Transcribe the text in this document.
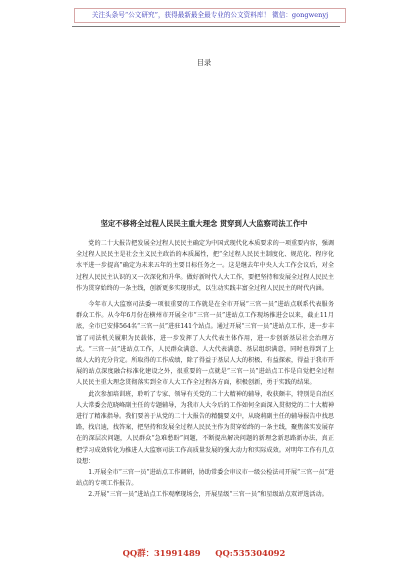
关注头条号“公文研究”，获得最新最全最专业的公文资料库！ 微信：gongwenyj
目录
坚定不移将全过程人民民主重大理念 贯穿到人大监察司法工作中

党的二十大报告把发展全过程人民民主确定为中国式现代化本质要求的一项重要内容，强调全过程人民民主是社会主义民主政治的本质属性，把“全过程人民民主制度化、规范化、程序化水平进一步提高”确定为未来五年的主要目标任务之一。这是继去年中央人大工作会议后，对全过程人民民主认识的又一次深化和升华。做好新时代人大工作，要把坚持和发展全过程人民民主作为贯穿始终的一条主线，创新更多实现形式，以生动实践丰富全过程人民民主的时代内涵。

今年市人大监察司法委一项很重要的工作就是在全市开展“三官一员”进站点联系代表服务群众工作。从今年6月份在横州市开展全市“三官一员”进站点工作现场推进会以来，截止11月底，全市已安排564名“三官一员”进驻141个站点。通过开展“三官一员”进站点工作，进一步丰富了司法机关履职为民载体，进一步发挥了人大代表主体作用，进一步创新基层社会治理方式。“三官一员”进站点工作，人民群众满意、人大代表满意、基层组织满意，同时也得到了上级人大的充分肯定。所取得的工作成绩，除了得益于基层人大的积极、有益探索，得益于我市开展的站点深度融合标准化建设之外，很重要的一点就是“三官一员”进站点工作是自觉把全过程人民民主重大理念贯彻落实到全市人大工作全过程各方面，积极创新，勇于实践的结果。

此次参加培训班，聆听了专家、领导有关党的二十大精神的辅导，收获颇丰，特别是自治区人大常委会范晓峰副主任的专题辅导，为我市人大今后的工作如何全面深入贯彻党的二十大精神进行了精准指导。我们要善于从党的二十大报告的精髓要义中，从晓莉副主任的辅导报告中找思路，找启迪，找答案，把坚持和发展全过程人民民主作为贯穿始终的一条主线，聚焦落实发展存在的深层次问题，人民群众“急难愁盼”问题，不断提出解决问题的新理念新思路新办法，真正把学习成效转化为推进人大监察司法工作高质量发展的强大动力和实际成效。对明年工作有几点设想：

1.开展全市“三官一员”进站点工作调研，协助常委会审议市一级公检法司开展“三官一员”进站点的专项工作报告。

2.开展“三官一员”进站点工作观摩现场会，开展星级“三官一员”和星级站点双评选活动。

QQ群：31991489 QQ:535304092
